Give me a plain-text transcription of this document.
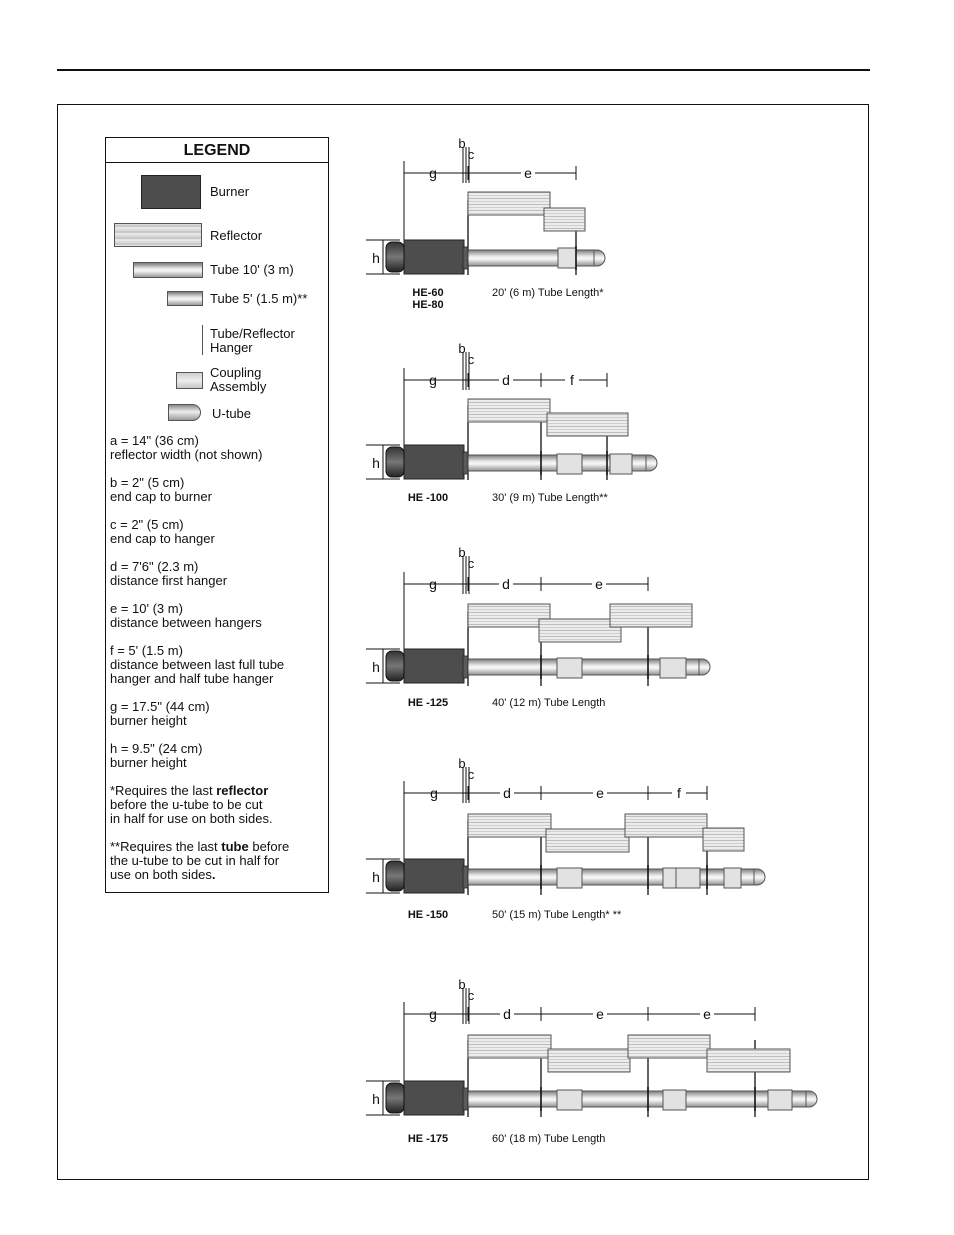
LEGEND
Burner
Reflector
Tube 10' (3 m)
Tube 5' (1.5 m)**
Tube/Reflector
Hanger
Coupling
Assembly
U-tube

a = 14" (36 cm)
reflector width (not shown)

b = 2" (5 cm)
end cap to burner

c = 2" (5 cm)
end cap to hanger

d = 7'6" (2.3 m)
distance first hanger

e = 10' (3 m)
distance between hangers

f = 5' (1.5 m)
distance between last full tube
hanger and half tube hanger

g = 17.5" (44 cm)
burner height

h = 9.5" (24 cm)
burner height

*Requires the last reflector
before the u-tube to be cut
in half for use on both sides.

**Requires the last tube before
the u-tube to be cut in half for
use on both sides.

b
c
g	e
h
HE-60
HE-80
20' (6 m) Tube Length*
b
c
g	d	f
h
HE -100	30' (9 m) Tube Length**
b
c
g	d	e
h
HE -125	40' (12 m) Tube Length
b
c
g	d	e	f
h
HE -150	50' (15 m) Tube Length* **
b
c
g	d	e	e
h
HE -175	60' (18 m) Tube Length
